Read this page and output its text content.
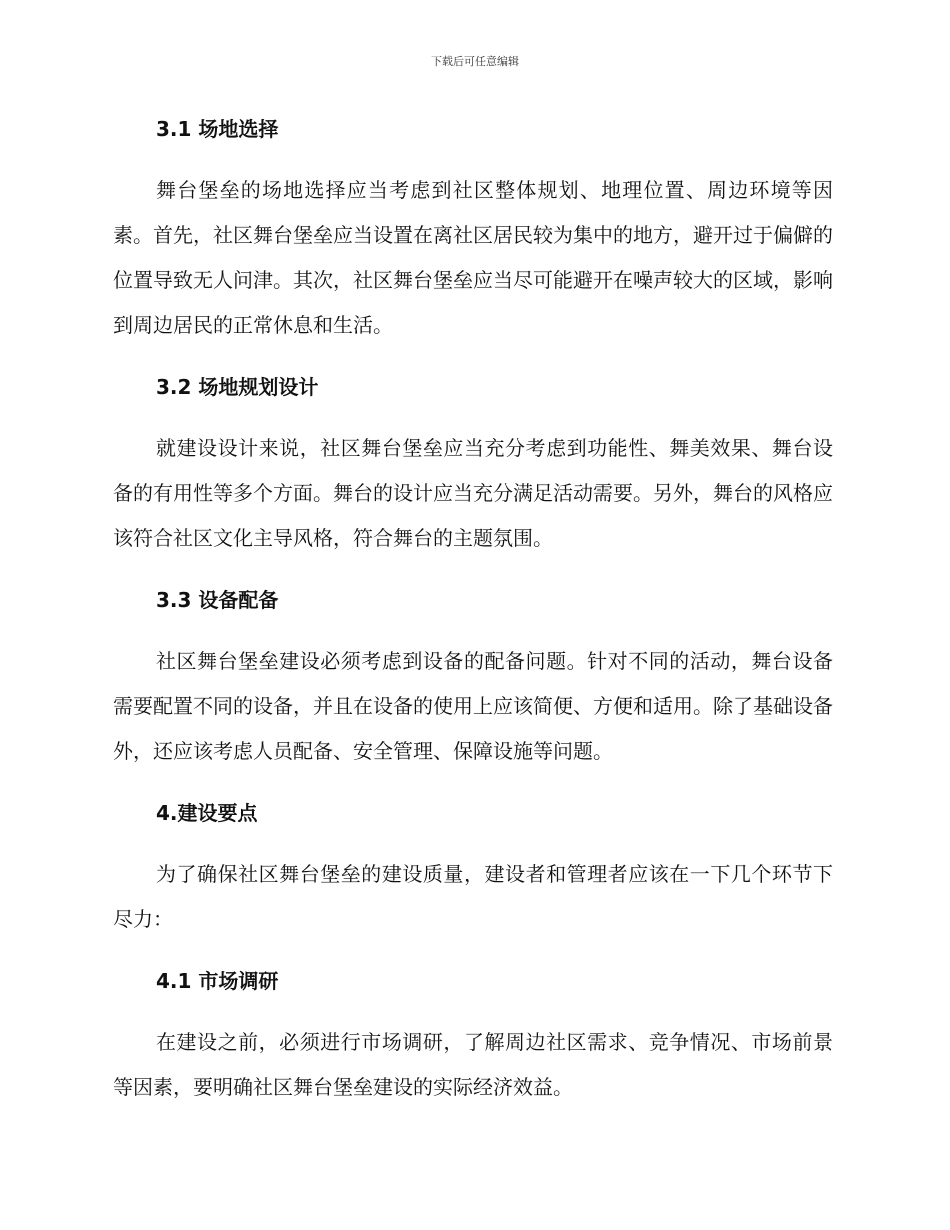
下载后可任意编辑
3.1 场地选择

舞台堡垒的场地选择应当考虑到社区整体规划、地理位置、周边环境等因素。首先，社区舞台堡垒应当设置在离社区居民较为集中的地方，避开过于偏僻的位置导致无人问津。其次，社区舞台堡垒应当尽可能避开在噪声较大的区域，影响到周边居民的正常休息和生活。

3.2 场地规划设计

就建设设计来说，社区舞台堡垒应当充分考虑到功能性、舞美效果、舞台设备的有用性等多个方面。舞台的设计应当充分满足活动需要。另外，舞台的风格应该符合社区文化主导风格，符合舞台的主题氛围。

3.3 设备配备

社区舞台堡垒建设必须考虑到设备的配备问题。针对不同的活动，舞台设备需要配置不同的设备，并且在设备的使用上应该简便、方便和适用。除了基础设备外，还应该考虑人员配备、安全管理、保障设施等问题。

4.建设要点

为了确保社区舞台堡垒的建设质量，建设者和管理者应该在一下几个环节下尽力：

4.1 市场调研

在建设之前，必须进行市场调研，了解周边社区需求、竞争情况、市场前景等因素，要明确社区舞台堡垒建设的实际经济效益。
